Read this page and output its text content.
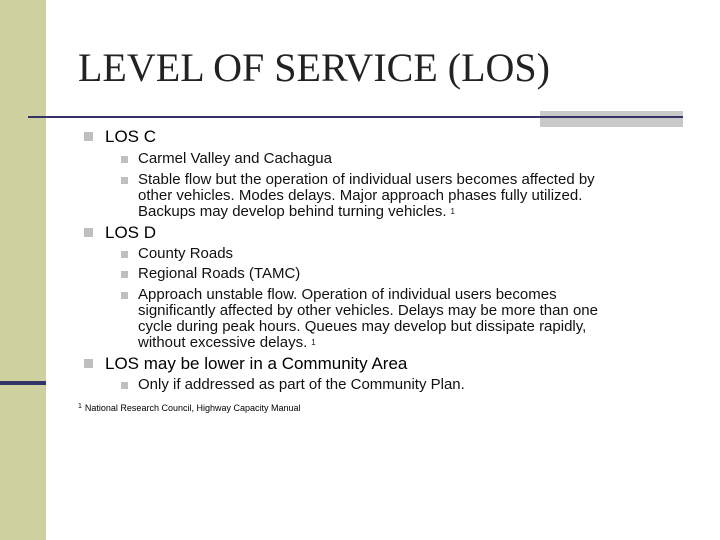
LEVEL OF SERVICE (LOS)
LOS C
Carmel Valley and Cachagua
Stable flow but the operation of individual users becomes affected by
other vehicles. Modes delays. Major approach phases fully utilized.
Backups may develop behind turning vehicles. $^1$
LOS D
County Roads
Regional Roads (TAMC)
Approach unstable flow. Operation of individual users becomes
significantly affected by other vehicles. Delays may be more than one
cycle during peak hours. Queues may develop but dissipate rapidly,
without excessive delays. $^1$
LOS may be lower in a Community Area
Only if addressed as part of the Community Plan.
$^1$ National Research Council, Highway Capacity Manual
